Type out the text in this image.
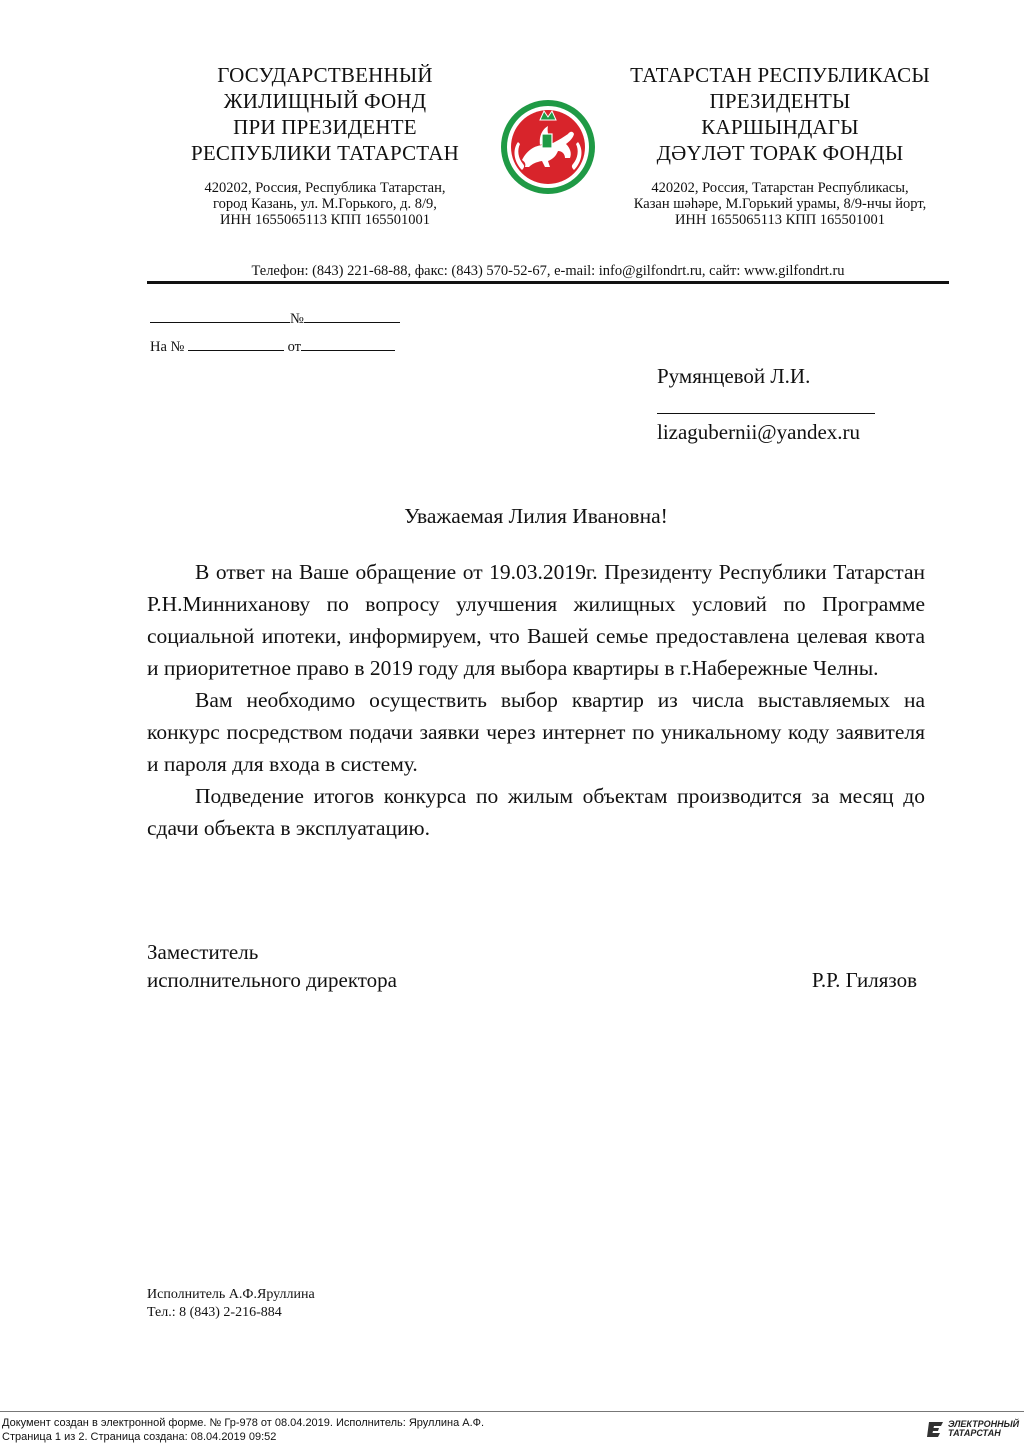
ГОСУДАРСТВЕННЫЙ
ЖИЛИЩНЫЙ ФОНД
ПРИ ПРЕЗИДЕНТЕ
РЕСПУБЛИКИ ТАТАРСТАН
ТАТАРСТАН РЕСПУБЛИКАСЫ
ПРЕЗИДЕНТЫ
КАРШЫНДАГЫ
ДӘҮЛӘТ ТОРАК ФОНДЫ
420202, Россия, Республика Татарстан,
город Казань, ул. М.Горького, д. 8/9,
ИНН 1655065113 КПП 165501001
420202, Россия, Татарстан Республикасы,
Казан шәһәре, М.Горький урамы, 8/9-нчы йорт,
ИНН 1655065113 КПП 165501001
Телефон: (843) 221-68-88, факс: (843) 570-52-67, e-mail: info@gilfondrt.ru, сайт: www.gilfondrt.ru
№
На №	от
Румянцевой Л.И.
lizagubernii@yandex.ru
Уважаемая Лилия Ивановна!

В ответ на Ваше обращение от 19.03.2019г. Президенту Республики Татарстан Р.Н.Минниханову по вопросу улучшения жилищных условий по Программе социальной ипотеки, информируем, что Вашей семье предоставлена целевая квота и приоритетное право в 2019 году для выбора квартиры в г.Набережные Челны.

Вам необходимо осуществить выбор квартир из числа выставляемых на конкурс посредством подачи заявки через интернет по уникальному коду заявителя и пароля для входа в систему.

Подведение итогов конкурса по жилым объектам производится за месяц до сдачи объекта в эксплуатацию.

Заместитель
исполнительного директора	Р.Р. Гилязов
Исполнитель А.Ф.Яруллина
Тел.: 8 (843) 2-216-884
Документ создан в электронной форме. № Гр-978 от 08.04.2019. Исполнитель: Яруллина А.Ф.
Страница 1 из 2. Страница создана: 08.04.2019 09:52
ЭЛЕКТРОННЫЙ
ТАТАРСТАН
